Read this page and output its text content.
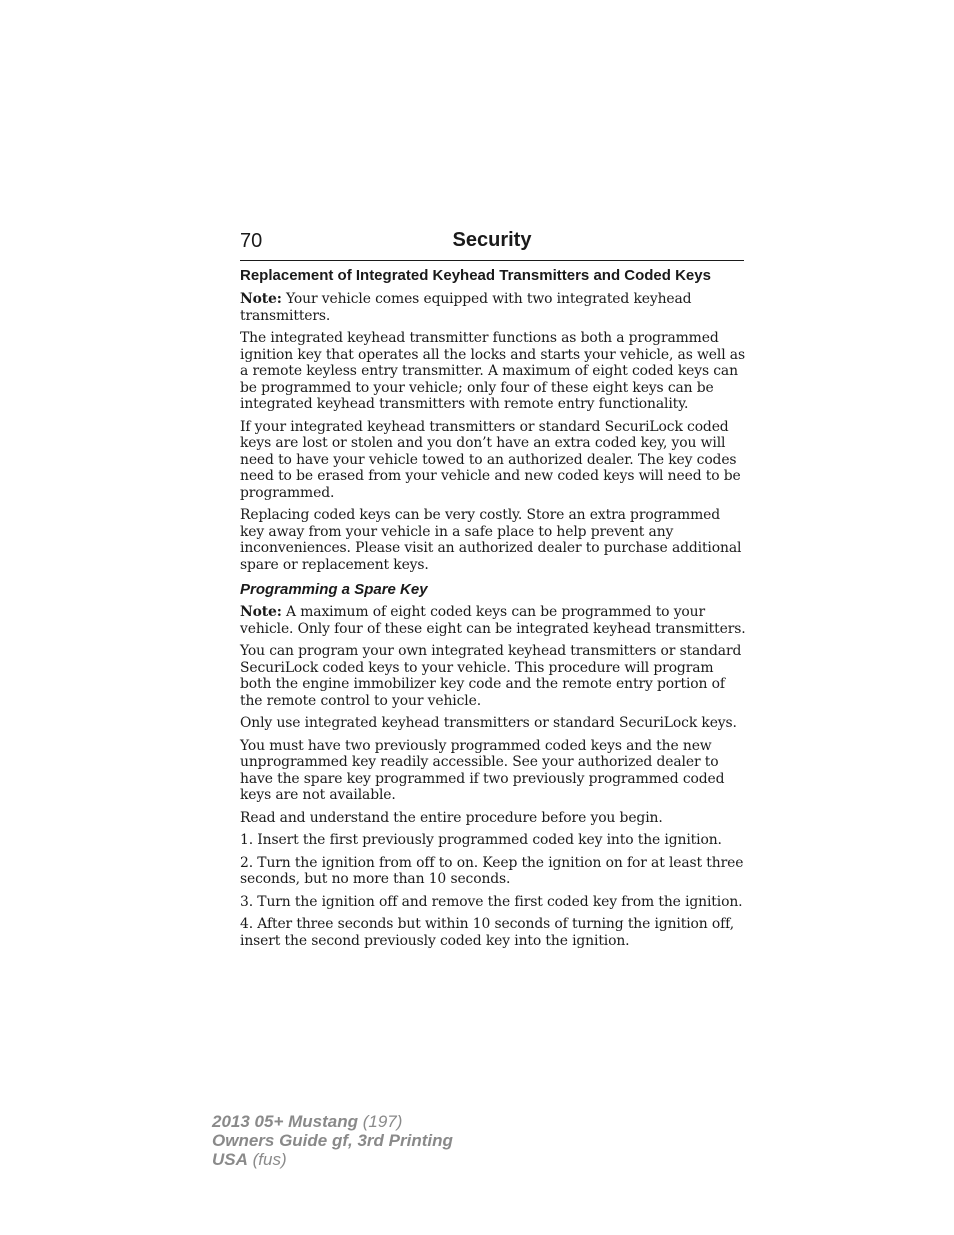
70	Security
Replacement of Integrated Keyhead Transmitters and Coded Keys

Note: Your vehicle comes equipped with two integrated keyhead transmitters.

The integrated keyhead transmitter functions as both a programmed ignition key that operates all the locks and starts your vehicle, as well as a remote keyless entry transmitter. A maximum of eight coded keys can be programmed to your vehicle; only four of these eight keys can be integrated keyhead transmitters with remote entry functionality.

If your integrated keyhead transmitters or standard SecuriLock coded keys are lost or stolen and you don’t have an extra coded key, you will need to have your vehicle towed to an authorized dealer. The key codes need to be erased from your vehicle and new coded keys will need to be programmed.

Replacing coded keys can be very costly. Store an extra programmed key away from your vehicle in a safe place to help prevent any inconveniences. Please visit an authorized dealer to purchase additional spare or replacement keys.

Programming a Spare Key

Note: A maximum of eight coded keys can be programmed to your vehicle. Only four of these eight can be integrated keyhead transmitters.

You can program your own integrated keyhead transmitters or standard SecuriLock coded keys to your vehicle. This procedure will program both the engine immobilizer key code and the remote entry portion of the remote control to your vehicle.

Only use integrated keyhead transmitters or standard SecuriLock keys.

You must have two previously programmed coded keys and the new unprogrammed key readily accessible. See your authorized dealer to have the spare key programmed if two previously programmed coded keys are not available.

Read and understand the entire procedure before you begin.

1. Insert the first previously programmed coded key into the ignition.

2. Turn the ignition from off to on. Keep the ignition on for at least three seconds, but no more than 10 seconds.

3. Turn the ignition off and remove the first coded key from the ignition.

4. After three seconds but within 10 seconds of turning the ignition off, insert the second previously coded key into the ignition.

2013 05+ Mustang (197)
Owners Guide gf, 3rd Printing
USA (fus)
